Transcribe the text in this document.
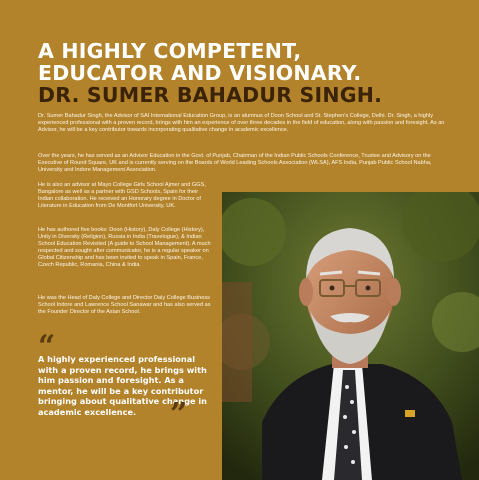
A HIGHLY COMPETENT,
EDUCATOR AND VISIONARY.
DR. SUMER BAHADUR SINGH.
Dr. Sumer Bahadur Singh, the Advisor of SAI International Education Group, is an alumnus of Doon School and St. Stephen's College, Delhi. Dr. Singh, a highly experienced professional with a proven record, brings with him an experience of over three decades in the field of education, along with passion and foresight. As an Advisor, he will be a key contributor towards incorporating qualitative change in academic excellence.
Over the years, he has served as an Advisor Education in the Govt. of Punjab, Chairman of the Indian Public Schools Conference, Trustee and Advisory on the Executive of Round Square, UK and is currently serving on the Boards of World Leading Schools Association (WLSA), AFS India, Punjab Public School Nabha, University and Indore Management Association.
He is also an advisor at Mayo College Girls School Ajmer and GGS, Bangalore as well as a partner with GSD Schools, Spain for their Indian collaboration. He received an Honorary degree in Doctor of Literature in Education from De Montfort University, UK.
He has authored five books: Doon (History), Daly College (History), Unity in Diversity (Religion), Russia in India (Travelogue), & Indian School Education Revisited (A guide to School Management). A much respected and sought after communicator, he is a regular speaker on Global Citizenship and has been invited to speak in Spain, France, Czech Republic, Romania, China & India.
He was the Head of Daly College and Director Daly College Business School Indore and Lawrence School Sanawar and has also served as the Founder Director of the Asian School.
“
A highly experienced professional with a proven record, he brings with him passion and foresight. As a mentor, he will be a key contributor bringing about qualitative change in academic excellence.	”
